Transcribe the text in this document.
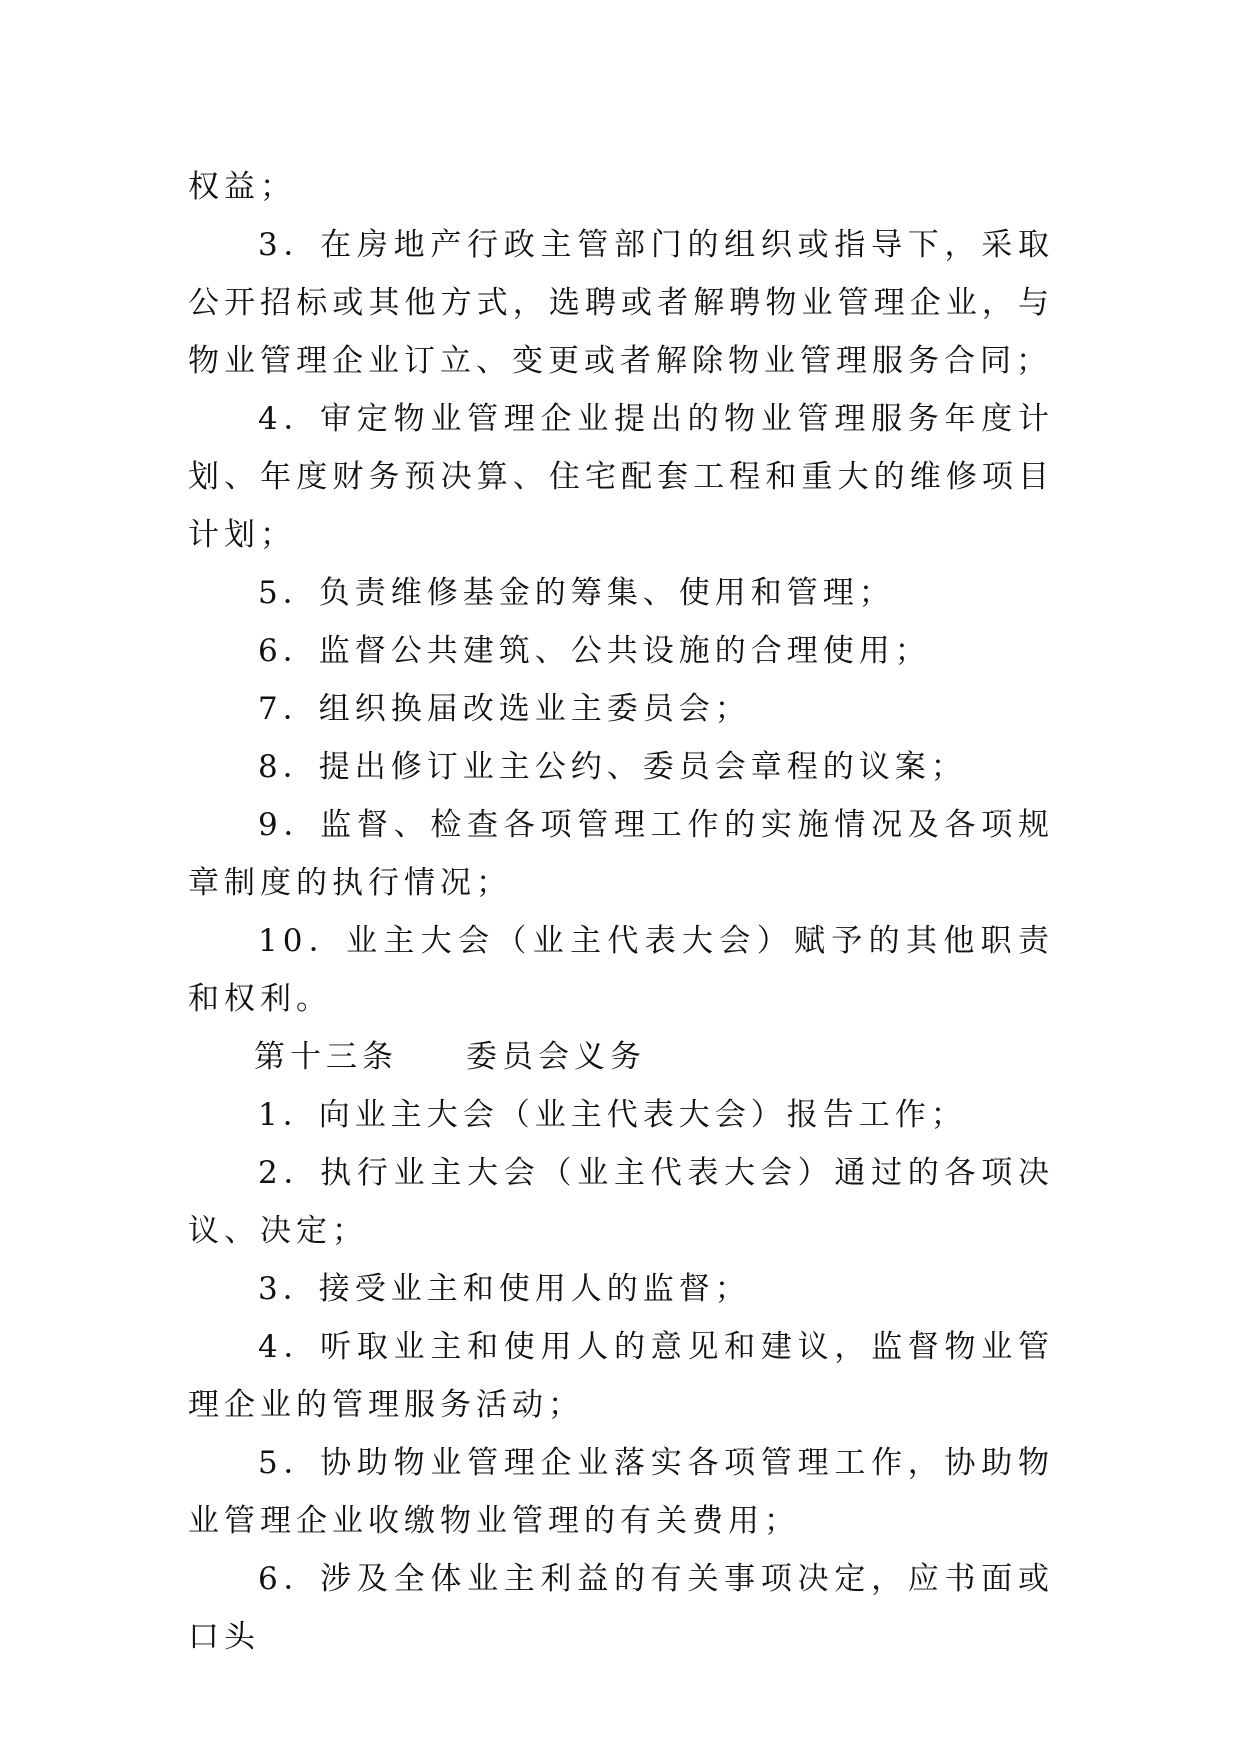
权益；

3．在房地产行政主管部门的组织或指导下，采取公开招标或其他方式，选聘或者解聘物业管理企业，与物业管理企业订立、变更或者解除物业管理服务合同；

4．审定物业管理企业提出的物业管理服务年度计划、年度财务预决算、住宅配套工程和重大的维修项目计划；

5．负责维修基金的筹集、使用和管理；

6．监督公共建筑、公共设施的合理使用；

7．组织换届改选业主委员会；

8．提出修订业主公约、委员会章程的议案；

9．监督、检查各项管理工作的实施情况及各项规章制度的执行情况；

10．业主大会（业主代表大会）赋予的其他职责和权利。

第十三条 委员会义务

1．向业主大会（业主代表大会）报告工作；

2．执行业主大会（业主代表大会）通过的各项决议、决定；

3．接受业主和使用人的监督；

4．听取业主和使用人的意见和建议，监督物业管理企业的管理服务活动；

5．协助物业管理企业落实各项管理工作，协助物业管理企业收缴物业管理的有关费用；

6．涉及全体业主利益的有关事项决定，应书面或口头
